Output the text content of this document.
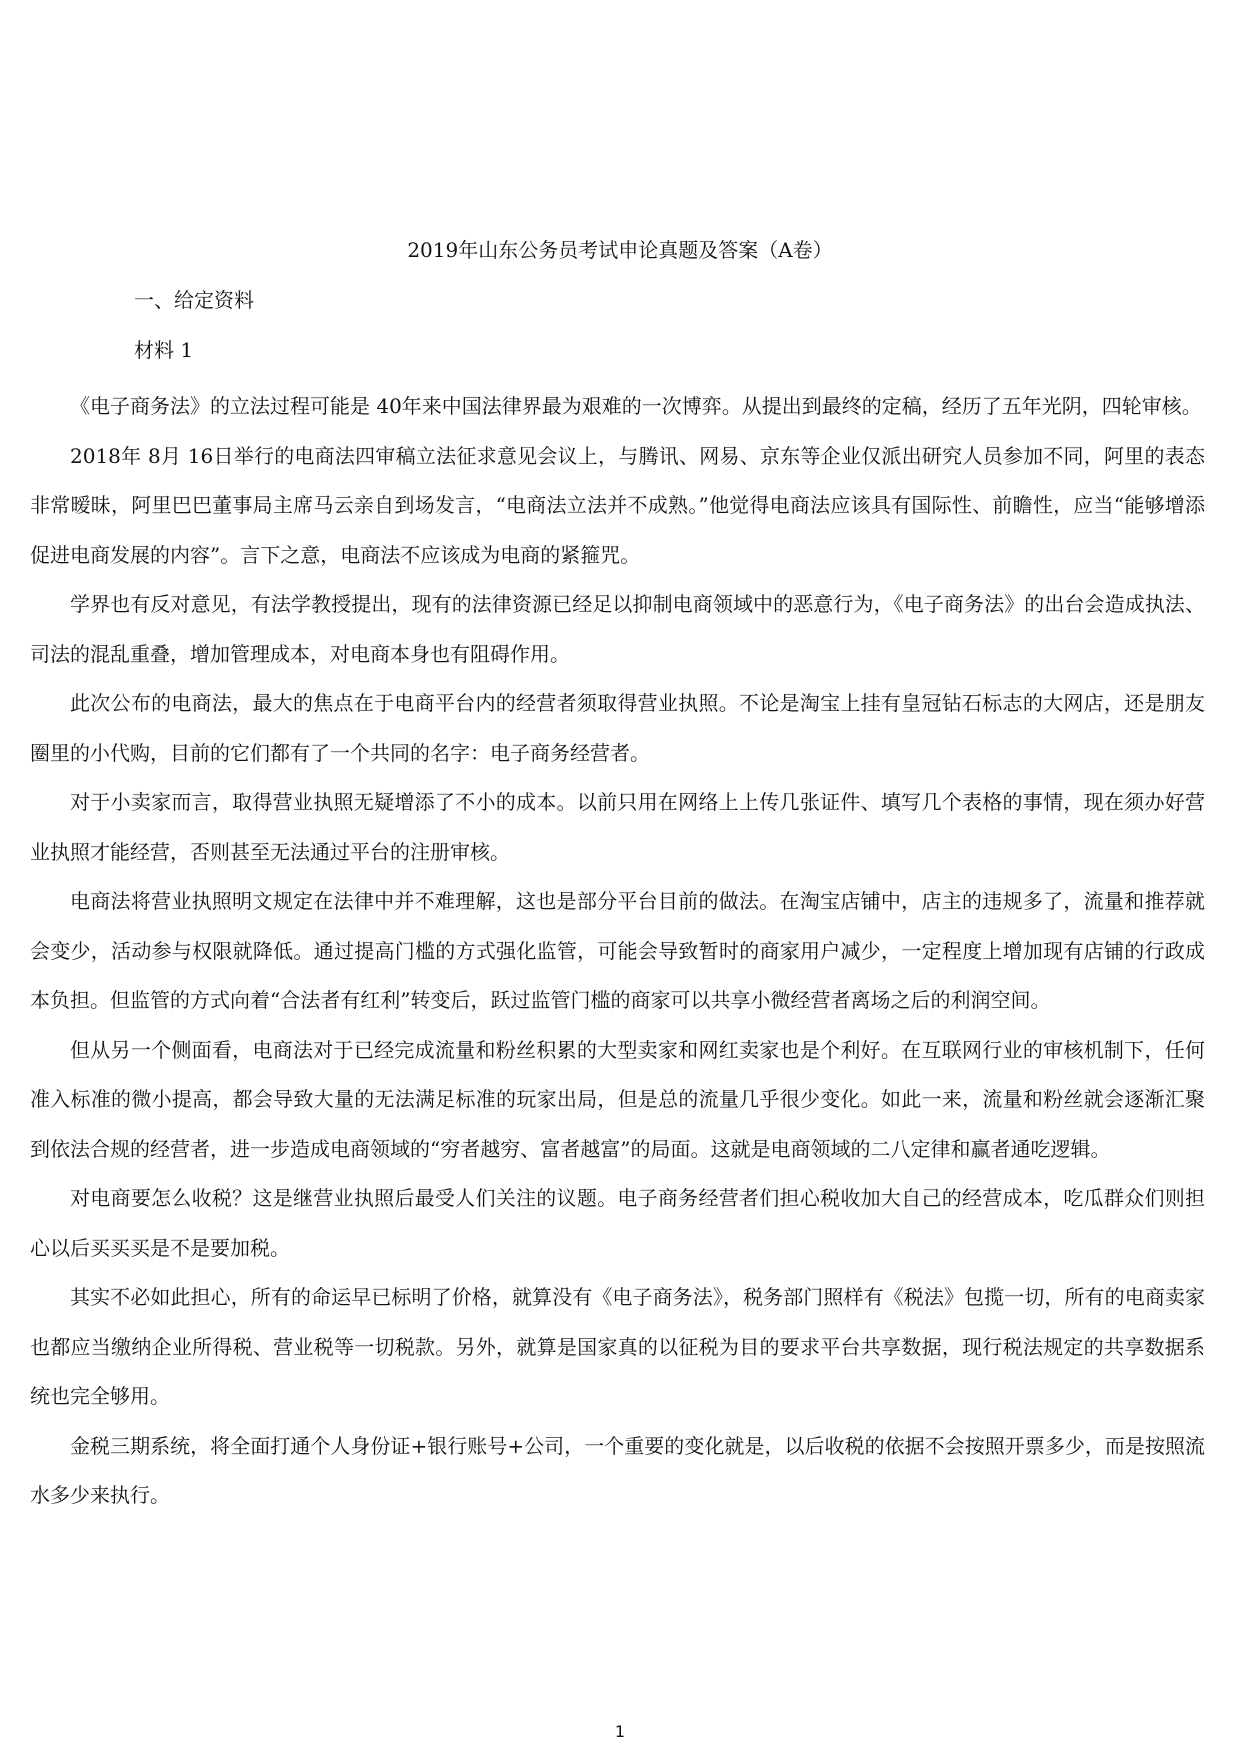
2019年山东公务员考试申论真题及答案（A卷）
一、给定资料
材料 1

《电子商务法》的立法过程可能是 40年来中国法律界最为艰难的一次博弈。从提出到最终的定稿，经历了五年光阴，四轮审核。

2018年 8月 16日举行的电商法四审稿立法征求意见会议上，与腾讯、网易、京东等企业仅派出研究人员参加不同，阿里的表态非常暧昧，阿里巴巴董事局主席马云亲自到场发言，“电商法立法并不成熟。”他觉得电商法应该具有国际性、前瞻性，应当“能够增添促进电商发展的内容”。言下之意，电商法不应该成为电商的紧箍咒。

学界也有反对意见，有法学教授提出，现有的法律资源已经足以抑制电商领域中的恶意行为，《电子商务法》的出台会造成执法、司法的混乱重叠，增加管理成本，对电商本身也有阻碍作用。

此次公布的电商法，最大的焦点在于电商平台内的经营者须取得营业执照。不论是淘宝上挂有皇冠钻石标志的大网店，还是朋友圈里的小代购，目前的它们都有了一个共同的名字：电子商务经营者。

对于小卖家而言，取得营业执照无疑增添了不小的成本。以前只用在网络上上传几张证件、填写几个表格的事情，现在须办好营业执照才能经营，否则甚至无法通过平台的注册审核。

电商法将营业执照明文规定在法律中并不难理解，这也是部分平台目前的做法。在淘宝店铺中，店主的违规多了，流量和推荐就会变少，活动参与权限就降低。通过提高门槛的方式强化监管，可能会导致暂时的商家用户减少，一定程度上增加现有店铺的行政成本负担。但监管的方式向着“合法者有红利”转变后，跃过监管门槛的商家可以共享小微经营者离场之后的利润空间。

但从另一个侧面看，电商法对于已经完成流量和粉丝积累的大型卖家和网红卖家也是个利好。在互联网行业的审核机制下，任何准入标准的微小提高，都会导致大量的无法满足标准的玩家出局，但是总的流量几乎很少变化。如此一来，流量和粉丝就会逐渐汇聚到依法合规的经营者，进一步造成电商领域的“穷者越穷、富者越富”的局面。这就是电商领域的二八定律和赢者通吃逻辑。

对电商要怎么收税？这是继营业执照后最受人们关注的议题。电子商务经营者们担心税收加大自己的经营成本，吃瓜群众们则担心以后买买买是不是要加税。

其实不必如此担心，所有的命运早已标明了价格，就算没有《电子商务法》，税务部门照样有《税法》包揽一切，所有的电商卖家也都应当缴纳企业所得税、营业税等一切税款。另外，就算是国家真的以征税为目的要求平台共享数据，现行税法规定的共享数据系统也完全够用。

金税三期系统，将全面打通个人身份证+银行账号+公司，一个重要的变化就是，以后收税的依据不会按照开票多少，而是按照流水多少来执行。

1
